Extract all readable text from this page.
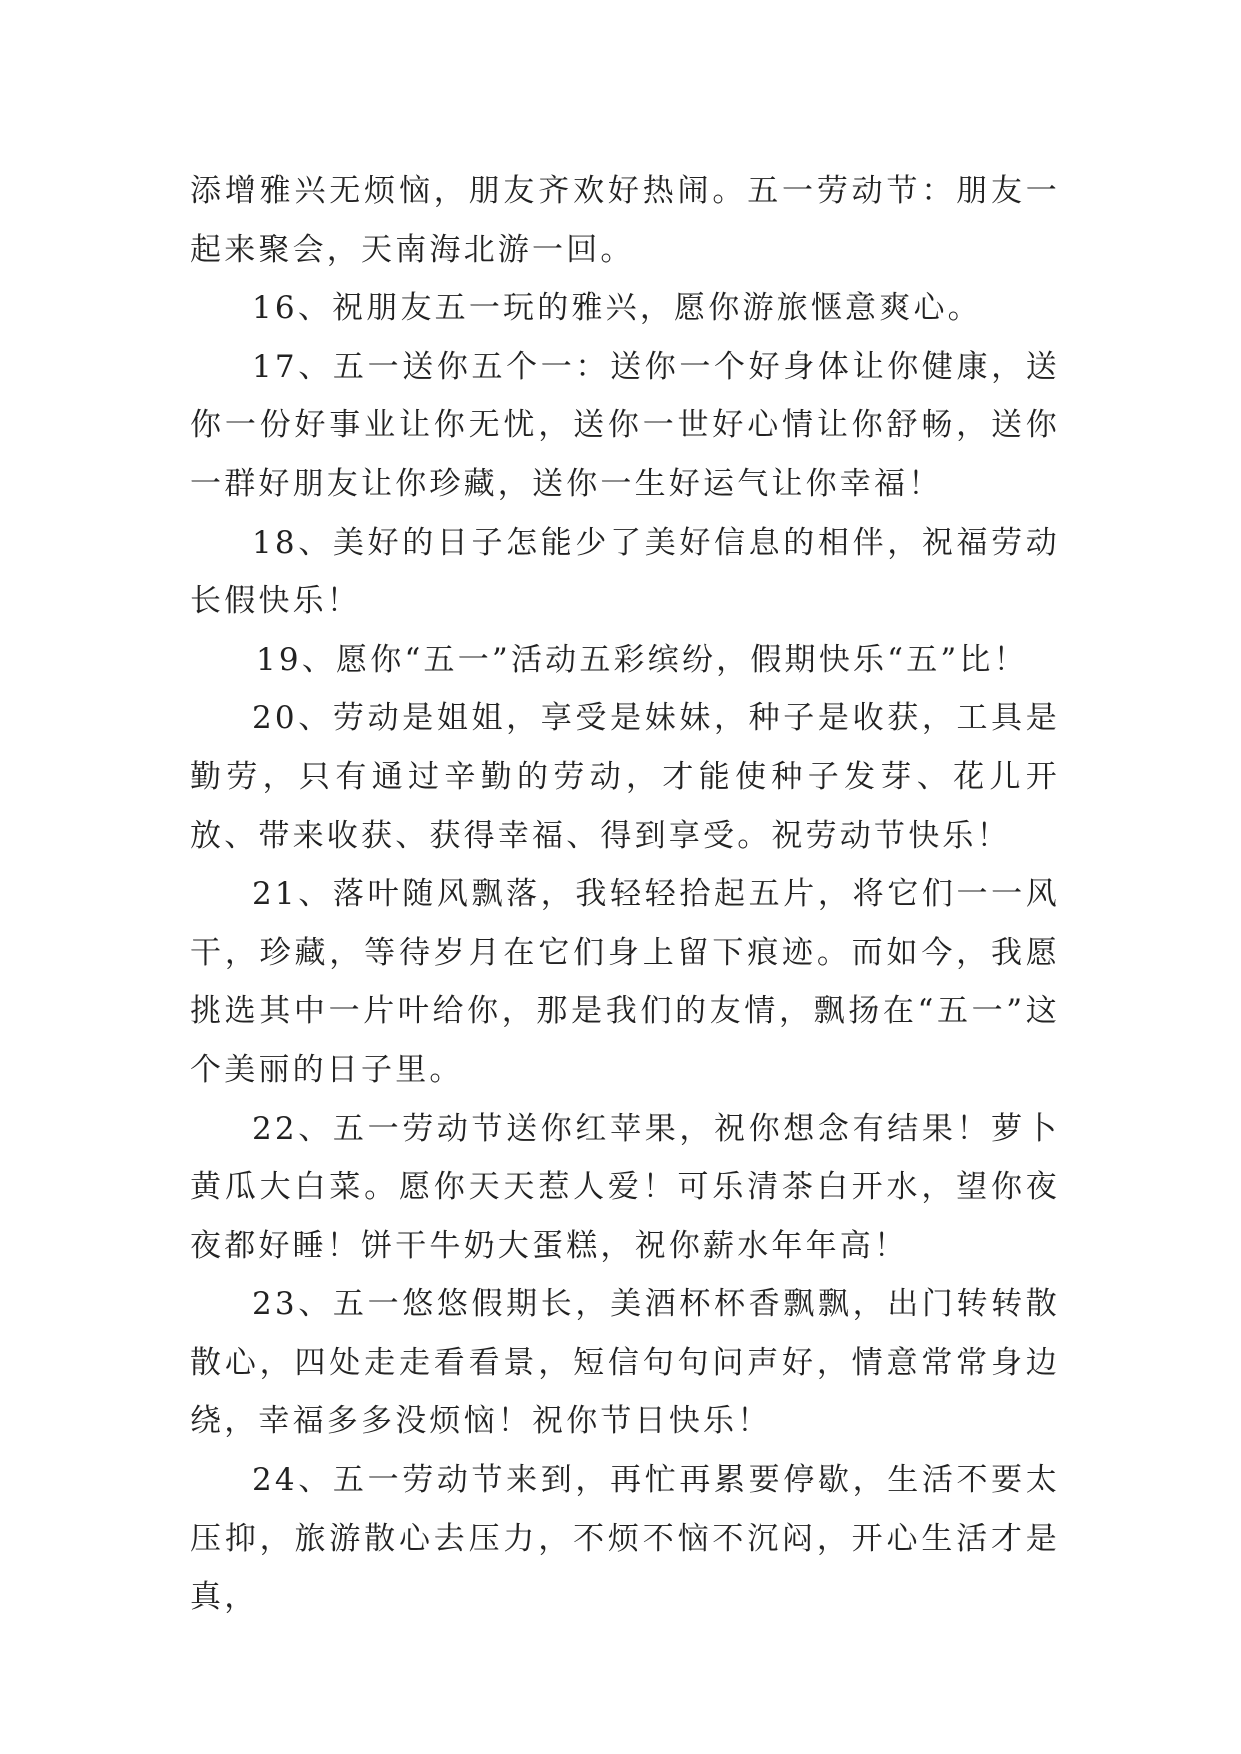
添增雅兴无烦恼，朋友齐欢好热闹。五一劳动节：朋友一起来聚会，天南海北游一回。

16、祝朋友五一玩的雅兴，愿你游旅惬意爽心。

17、五一送你五个一：送你一个好身体让你健康，送你一份好事业让你无忧，送你一世好心情让你舒畅，送你一群好朋友让你珍藏，送你一生好运气让你幸福！

18、美好的日子怎能少了美好信息的相伴，祝福劳动长假快乐！

19、愿你“五一”活动五彩缤纷，假期快乐“五”比！

20、劳动是姐姐，享受是妹妹，种子是收获，工具是勤劳，只有通过辛勤的劳动，才能使种子发芽、花儿开放、带来收获、获得幸福、得到享受。祝劳动节快乐！

21、落叶随风飘落，我轻轻拾起五片，将它们一一风干，珍藏，等待岁月在它们身上留下痕迹。而如今，我愿挑选其中一片叶给你，那是我们的友情，飘扬在“五一”这个美丽的日子里。

22、五一劳动节送你红苹果，祝你想念有结果！萝卜黄瓜大白菜。愿你天天惹人爱！可乐清茶白开水，望你夜夜都好睡！饼干牛奶大蛋糕，祝你薪水年年高！

23、五一悠悠假期长，美酒杯杯香飘飘，出门转转散散心，四处走走看看景，短信句句问声好，情意常常身边绕，幸福多多没烦恼！祝你节日快乐！

24、五一劳动节来到，再忙再累要停歇，生活不要太压抑，旅游散心去压力，不烦不恼不沉闷，开心生活才是真，
